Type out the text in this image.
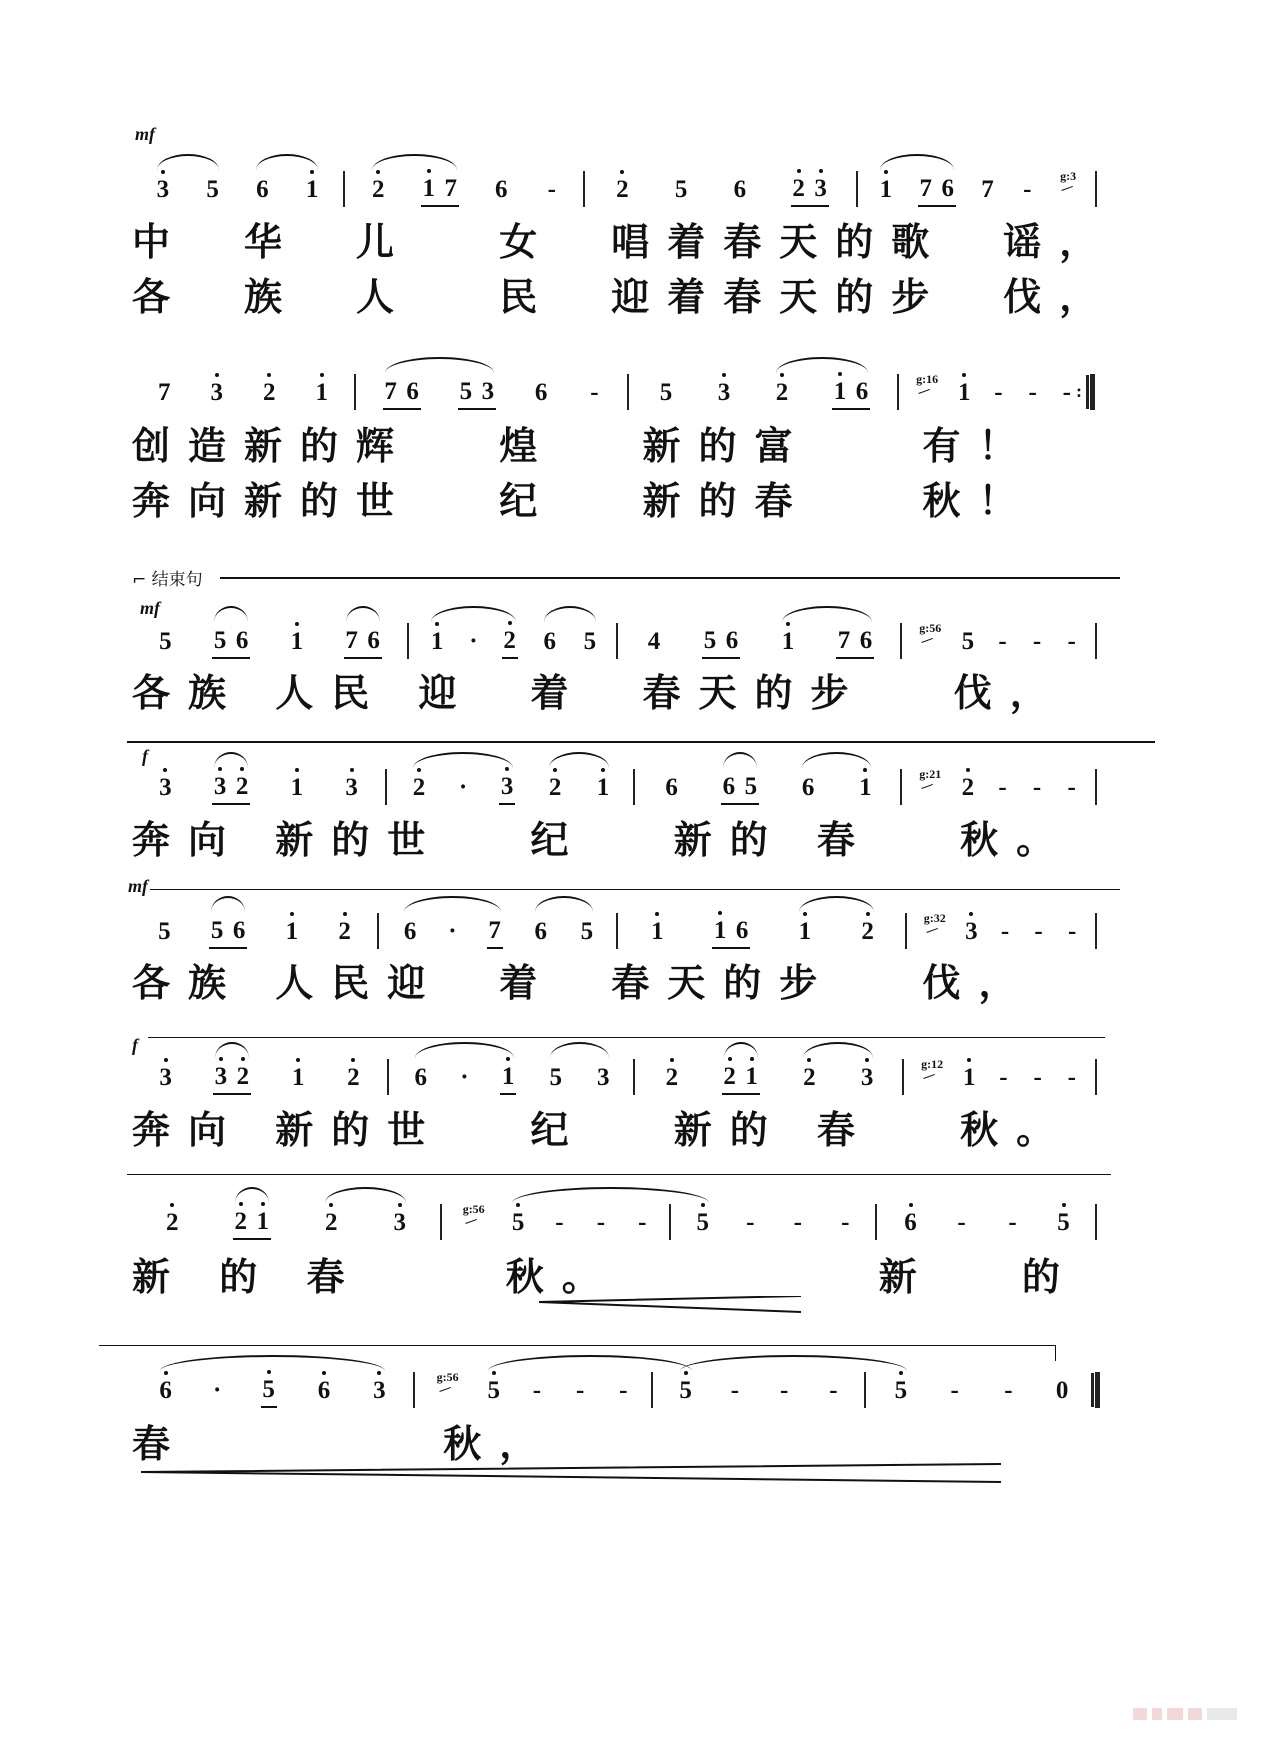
⌐ 结束句
mf
3 5 6 1 2 1 7 6 - 2 5 6 2 3 1 7 6 7 -	g:3
中　华　儿　 女　唱着春天的歌　谣，
各　族　人　 民　迎着春天的步　伐，
7 3 2 1 7 6 5 3 6 - 5 3 2 1 6	g:16 1 - - - :
创造新的辉　 煌　 新的富　　有！
奔向新的世　 纪　 新的春　　秋！
mf
5 5 6 1 7 6 1 · 2 6 5 4 5 6 1 7 6	g:56 5 - - -
各族 人民 迎　着　春天的步　 伐，
f
3 3 2 1 3 2 · 3 2 1 6 6 5 6 1	g:21 2 - - -
奔向 新的世　 纪　 新的 春　 秋。
mf
5 5 6 1 2 6 · 7 6 5 1 1 6 1 2	g:32 3 - - -
各族 人民迎　着　春天的步　 伐，
f
3 3 2 1 2 6 · 1 5 3 2 2 1 2 3	g:12 1 - - -
奔向 新的世　 纪　 新的 春　 秋。
2 2 1 2 3	g:56 5 - - - 5 - - - 6 - - 5
新 的 春　　 秋。　　　　　新　 的
6 · 5 6 3	g:56 5 - - - 5 - - - 5 - - 0
春　　　　 秋，
